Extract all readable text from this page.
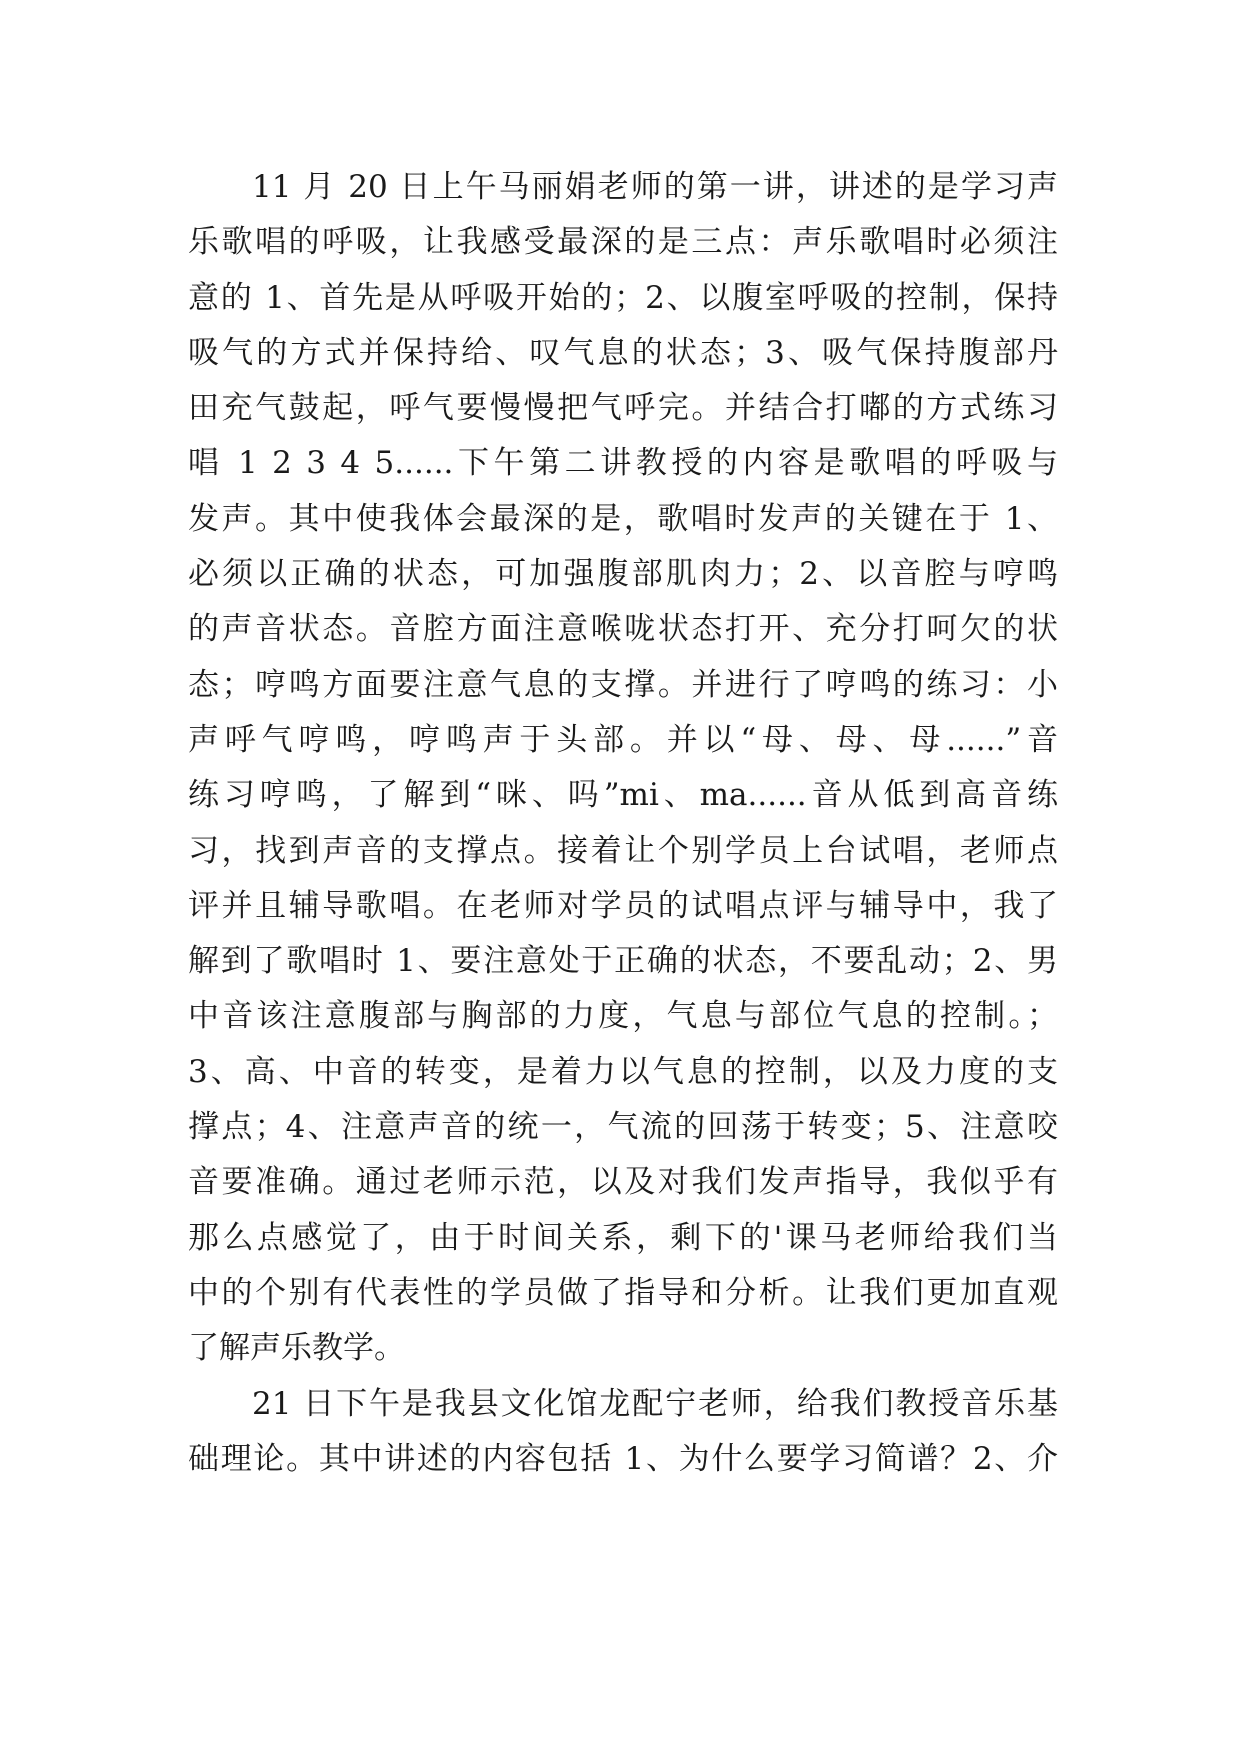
11 月 20 日上午马丽娟老师的第一讲，讲述的是学习声
乐歌唱的呼吸，让我感受最深的是三点：声乐歌唱时必须注
意的 1、首先是从呼吸开始的；2、以腹室呼吸的控制，保持
吸气的方式并保持给、叹气息的状态；3、吸气保持腹部丹
田充气鼓起，呼气要慢慢把气呼完。并结合打嘟的方式练习
唱 1 2 3 4 5......下午第二讲教授的内容是歌唱的呼吸与
发声。其中使我体会最深的是，歌唱时发声的关键在于 1、
必须以正确的状态，可加强腹部肌肉力；2、以音腔与哼鸣
的声音状态。音腔方面注意喉咙状态打开、充分打呵欠的状
态；哼鸣方面要注意气息的支撑。并进行了哼鸣的练习：小
声呼气哼鸣，哼鸣声于头部。并以“母、母、母......”音
练习哼鸣，了解到“咪、吗”mi、ma......音从低到高音练
习，找到声音的支撑点。接着让个别学员上台试唱，老师点
评并且辅导歌唱。在老师对学员的试唱点评与辅导中，我了
解到了歌唱时 1、要注意处于正确的状态，不要乱动；2、男
中音该注意腹部与胸部的力度，气息与部位气息的控制。；
3、高、中音的转变，是着力以气息的控制，以及力度的支
撑点；4、注意声音的统一，气流的回荡于转变；5、注意咬
音要准确。通过老师示范，以及对我们发声指导，我似乎有
那么点感觉了，由于时间关系，剩下的'课马老师给我们当
中的个别有代表性的学员做了指导和分析。让我们更加直观
了解声乐教学。
21 日下午是我县文化馆龙配宁老师，给我们教授音乐基
础理论。其中讲述的内容包括 1、为什么要学习简谱？2、介
